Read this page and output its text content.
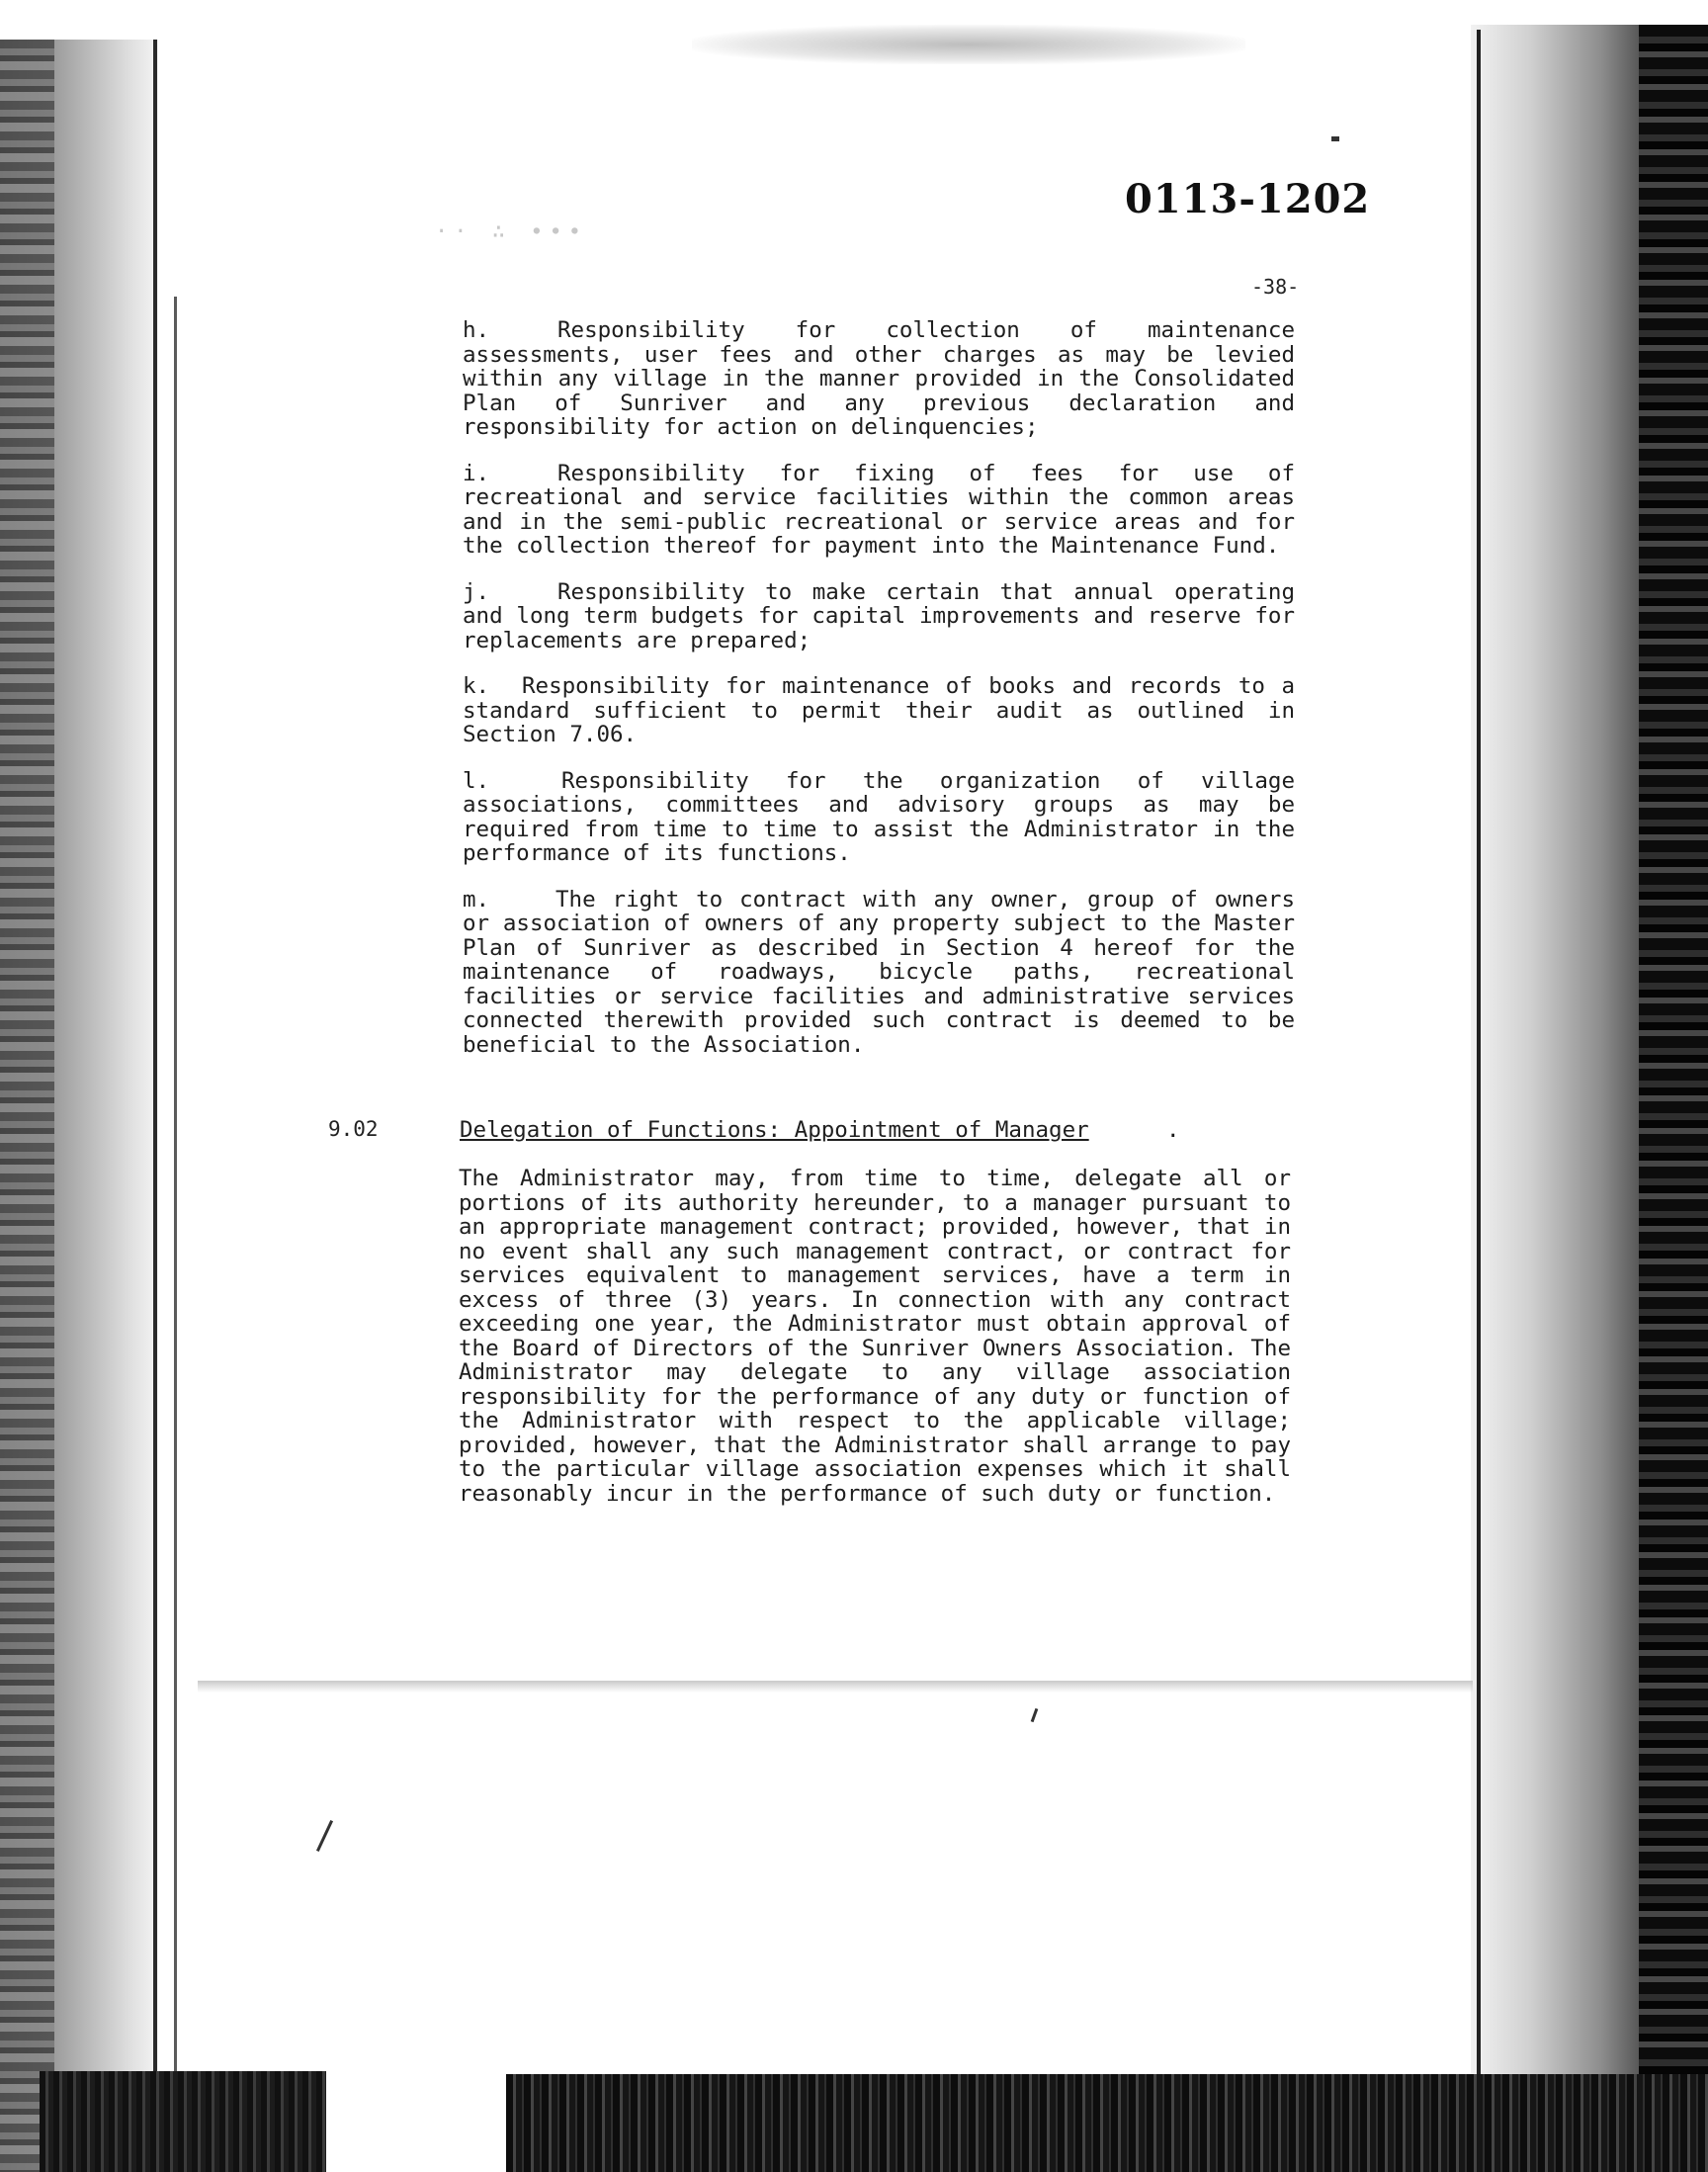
0113-1202
·· ∴ ∙∙∙
-38-

h.	Responsibility for collection of maintenance assessments, user fees and other charges as may be levied within any village in the manner provided in the Consolidated Plan of Sunriver and any previous declaration and responsibility for action on delinquencies;

i.	Responsibility for fixing of fees for use of recreational and service facilities within the common areas and in the semi-public recreational or service areas and for the collection thereof for payment into the Maintenance Fund.

j.	Responsibility to make certain that annual operating and long term budgets for capital improvements and reserve for replacements are prepared;

k. Responsibility for maintenance of books and records to a standard sufficient to permit their audit as outlined in Section 7.06.

l.	Responsibility for the organization of village associations, committees and advisory groups as may be required from time to time to assist the Administrator in the performance of its functions.

m.	The right to contract with any owner, group of owners or association of owners of any property subject to the Master Plan of Sunriver as described in Section 4 hereof for the maintenance of roadways, bicycle paths, recreational facilities or service facilities and administrative services connected therewith provided such contract is deemed to be beneficial to the Association.

9.02	Delegation of Functions: Appointment of Manager

The Administrator may, from time to time, delegate all or portions of its authority hereunder, to a manager pursuant to an appropriate management contract; provided, however, that in no event shall any such management contract, or contract for services equivalent to management services, have a term in excess of three (3) years. In connection with any contract exceeding one year, the Administrator must obtain approval of the Board of Directors of the Sunriver Owners Association. The Administrator may delegate to any village association responsibility for the performance of any duty or function of the Administrator with respect to the applicable village; provided, however, that the Administrator shall arrange to pay to the particular village association expenses which it shall reasonably incur in the performance of such duty or function.

.
